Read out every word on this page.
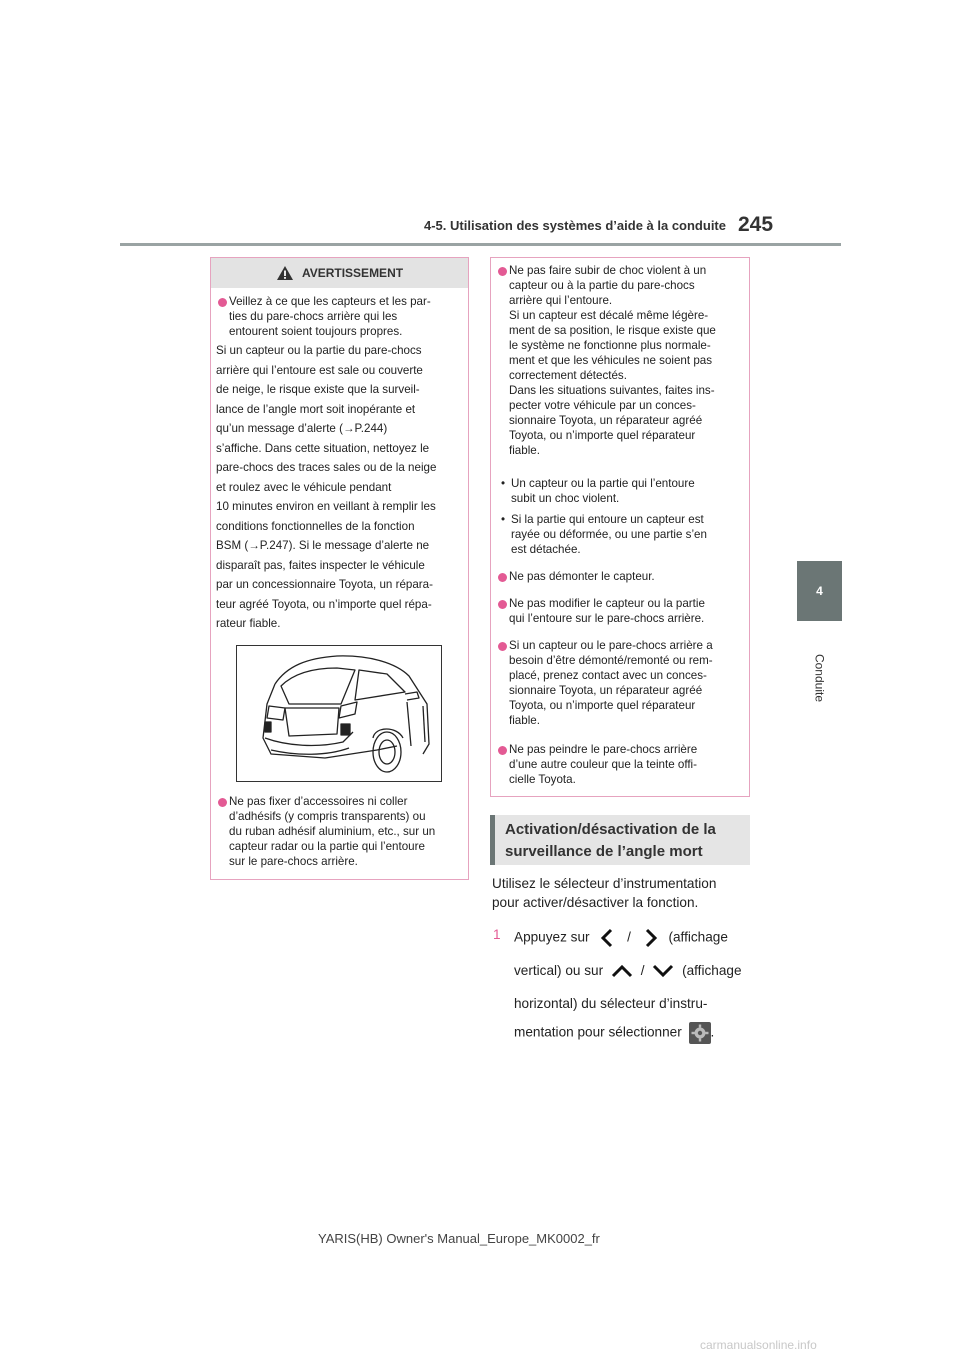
4-5. Utilisation des systèmes d’aide à la conduite 245
4
Conduite
AVERTISSEMENT
Veillez à ce que les capteurs et les par-
ties du pare-chocs arrière qui les
entourent soient toujours propres.
Si un capteur ou la partie du pare-chocs
arrière qui l’entoure est sale ou couverte
de neige, le risque existe que la surveil-
lance de l’angle mort soit inopérante et
qu’un message d’alerte (→P.244)
s’affiche. Dans cette situation, nettoyez le
pare-chocs des traces sales ou de la neige
et roulez avec le véhicule pendant
10 minutes environ en veillant à remplir les
conditions fonctionnelles de la fonction
BSM (→P.247). Si le message d’alerte ne
disparaît pas, faites inspecter le véhicule
par un concessionnaire Toyota, un répara-
teur agréé Toyota, ou n’importe quel répa-
rateur fiable.
Ne pas fixer d’accessoires ni coller
d’adhésifs (y compris transparents) ou
du ruban adhésif aluminium, etc., sur un
capteur radar ou la partie qui l’entoure
sur le pare-chocs arrière.
Ne pas faire subir de choc violent à un
capteur ou à la partie du pare-chocs
arrière qui l’entoure.
Si un capteur est décalé même légère-
ment de sa position, le risque existe que
le système ne fonctionne plus normale-
ment et que les véhicules ne soient pas
correctement détectés.
Dans les situations suivantes, faites ins-
pecter votre véhicule par un conces-
sionnaire Toyota, un réparateur agréé
Toyota, ou n’importe quel réparateur
fiable.
• Un capteur ou la partie qui l’entoure
subit un choc violent.
• Si la partie qui entoure un capteur est
rayée ou déformée, ou une partie s’en
est détachée.
Ne pas démonter le capteur.
Ne pas modifier le capteur ou la partie
qui l’entoure sur le pare-chocs arrière.
Si un capteur ou le pare-chocs arrière a
besoin d’être démonté/remonté ou rem-
placé, prenez contact avec un conces-
sionnaire Toyota, un réparateur agréé
Toyota, ou n’importe quel réparateur
fiable.
Ne pas peindre le pare-chocs arrière
d’une autre couleur que la teinte offi-
cielle Toyota.
Activation/désactivation de la
surveillance de l’angle mort
Utilisez le sélecteur d’instrumentation
pour activer/désactiver la fonction.
1 Appuyez sur	/	(affichage
vertical) ou sur	/	(affichage
horizontal) du sélecteur d’instru-
mentation pour sélectionner .
YARIS(HB) Owner's Manual_Europe_MK0002_fr
carmanualsonline.info
